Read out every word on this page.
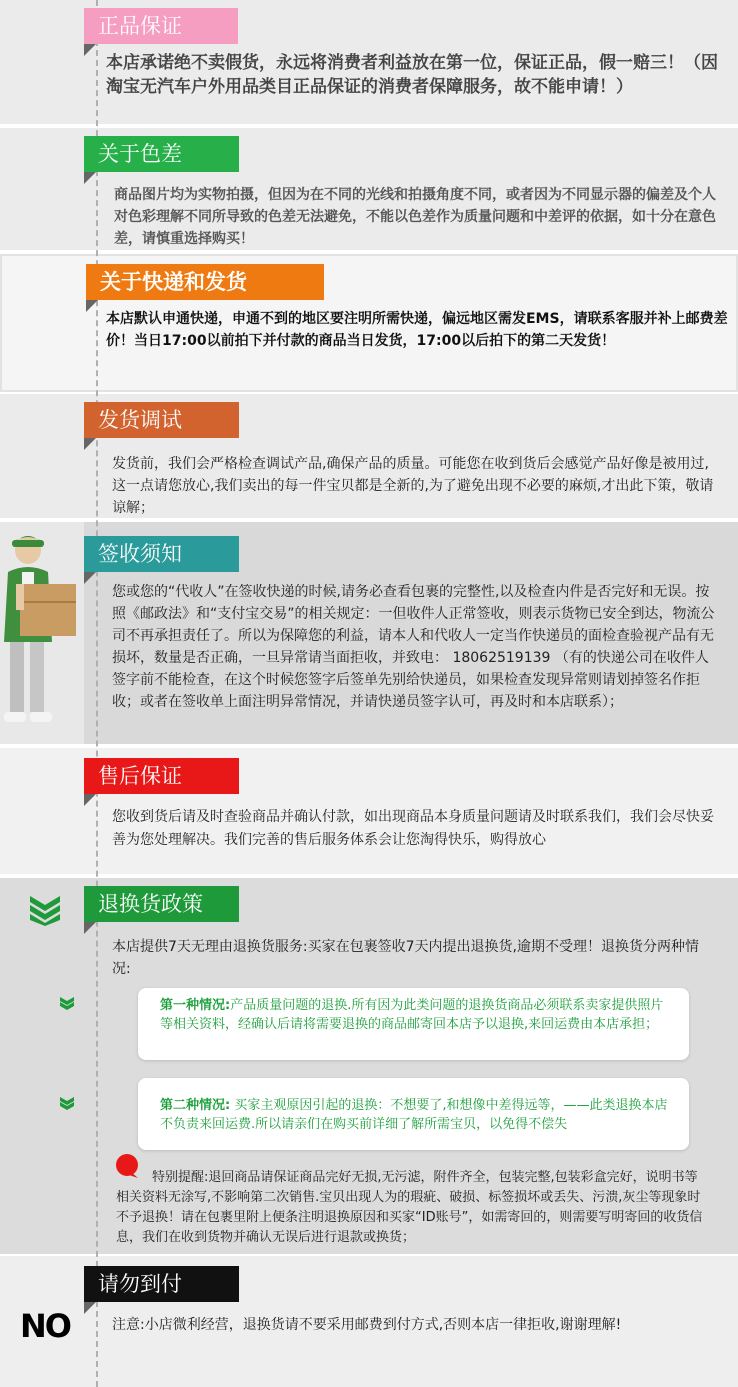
正品保证
本店承诺绝不卖假货，永远将消费者利益放在第一位，保证正品，假一赔三！（因淘宝无汽车户外用品类目正品保证的消费者保障服务，故不能申请！）
关于色差
商品图片均为实物拍摄，但因为在不同的光线和拍摄角度不同，或者因为不同显示器的偏差及个人对色彩理解不同所导致的色差无法避免，不能以色差作为质量问题和中差评的依据，如十分在意色差，请慎重选择购买！
关于快递和发货
本店默认申通快递，申通不到的地区要注明所需快递，偏远地区需发EMS，请联系客服并补上邮费差价！当日17:00以前拍下并付款的商品当日发货，17:00以后拍下的第二天发货！
发货调试
发货前，我们会严格检查调试产品,确保产品的质量。可能您在收到货后会感觉产品好像是被用过,这一点请您放心,我们卖出的每一件宝贝都是全新的,为了避免出现不必要的麻烦,才出此下策，敬请谅解；
签收须知
您或您的“代收人”在签收快递的时候,请务必查看包裹的完整性,以及检查内件是否完好和无误。按照《邮政法》和“支付宝交易”的相关规定：一但收件人正常签收，则表示货物已安全到达，物流公司不再承担责任了。所以为保障您的利益，请本人和代收人一定当作快递员的面检查验视产品有无损坏，数量是否正确，一旦异常请当面拒收，并致电： 18062519139 （有的快递公司在收件人签字前不能检查，在这个时候您签字后签单先别给快递员，如果检查发现异常则请划掉签名作拒收；或者在签收单上面注明异常情况，并请快递员签字认可，再及时和本店联系）；
售后保证
您收到货后请及时查验商品并确认付款，如出现商品本身质量问题请及时联系我们，我们会尽快妥善为您处理解决。我们完善的售后服务体系会让您淘得快乐，购得放心
退换货政策
本店提供7天无理由退换货服务:买家在包裹签收7天内提出退换货,逾期不受理！退换货分两种情况:
第一种情况:产品质量问题的退换.所有因为此类问题的退换货商品必须联系卖家提供照片等相关资料，经确认后请将需要退换的商品邮寄回本店予以退换,来回运费由本店承担；
第二种情况: 买家主观原因引起的退换：不想要了,和想像中差得远等，——此类退换本店不负责来回运费.所以请亲们在购买前详细了解所需宝贝，以免得不偿失
特别提醒:退回商品请保证商品完好无损,无污滤，附件齐全，包装完整,包装彩盒完好，说明书等相关资料无涂写,不影响第二次销售.宝贝出现人为的瑕疵、破损、标签损坏或丢失、污溃,灰尘等现象时不予退换！请在包裹里附上便条注明退换原因和买家“ID账号”，如需寄回的，则需要写明寄回的收货信息，我们在收到货物并确认无误后进行退款或换货；
请勿到付
NO	注意:小店微利经营，退换货请不要采用邮费到付方式,否则本店一律拒收,谢谢理解!
